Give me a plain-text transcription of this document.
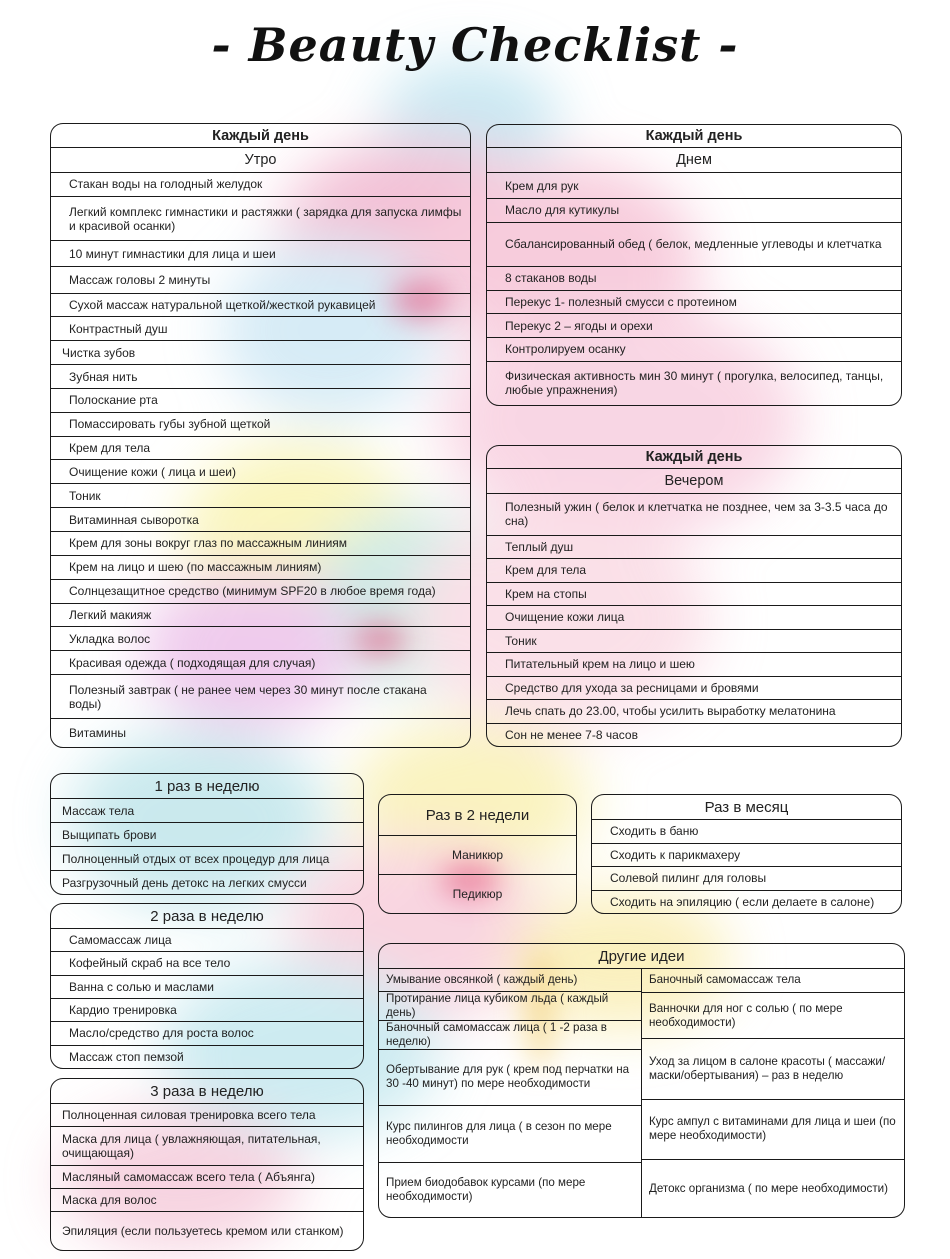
- Beauty Checklist -
Каждый день
Утро
Стакан воды на голодный желудок
Легкий комплекс гимнастики и растяжки ( зарядка для запуска лимфы и красивой осанки)
10 минут гимнастики для лица и шеи
Массаж головы 2 минуты
Сухой массаж натуральной щеткой/жесткой рукавицей
Контрастный душ
Чистка зубов
Зубная нить
Полоскание рта
Помассировать губы зубной щеткой
Крем для тела
Очищение кожи ( лица и шеи)
Тоник
Витаминная сыворотка
Крем для зоны вокруг глаз по массажным линиям
Крем на лицо и шею (по массажным линиям)
Солнцезащитное средство (минимум SPF20 в любое время года)
Легкий макияж
Укладка волос
Красивая одежда ( подходящая для случая)
Полезный завтрак ( не ранее чем через 30 минут после стакана воды)
Витамины
Каждый день
Днем
Крем для рук
Масло для кутикулы
Сбалансированный обед ( белок, медленные углеводы и клетчатка
8 стаканов воды
Перекус 1- полезный смусси с протеином
Перекус 2 – ягоды и орехи
Контролируем осанку
Физическая активность мин 30 минут ( прогулка, велосипед, танцы, любые упражнения)
Каждый день
Вечером
Полезный ужин ( белок и клетчатка не позднее, чем за 3-3.5 часа до сна)
Теплый душ
Крем для тела
Крем на стопы
Очищение кожи лица
Тоник
Питательный крем на лицо и шею
Средство для ухода за ресницами и бровями
Лечь спать до 23.00, чтобы усилить выработку мелатонина
Сон не менее 7-8 часов
1 раз в неделю
Массаж тела
Выщипать брови
Полноценный отдых от всех процедур для лица
Разгрузочный день детокс на легких смусси
2 раза в неделю
Самомассаж лица
Кофейный скраб на все тело
Ванна с солью и маслами
Кардио тренировка
Масло/средство для роста волос
Массаж стоп пемзой
3 раза в неделю
Полноценная силовая тренировка всего тела
Маска для лица ( увлажняющая, питательная, очищающая)
Масляный самомассаж всего тела ( Абъянга)
Маска для волос
Эпиляция (если пользуетесь кремом или станком)
Раз в 2 недели
Маникюр
Педикюр
Раз в месяц
Сходить в баню
Сходить к парикмахеру
Солевой пилинг для головы
Сходить на эпиляцию ( если делаете в салоне)
Другие идеи
Умывание овсянкой ( каждый день)
Протирание лица кубиком льда ( каждый день)
Баночный самомассаж лица ( 1 -2 раза в неделю)
Обертывание для рук ( крем под перчатки на 30 -40 минут) по мере необходимости
Курс пилингов для лица ( в сезон по мере необходимости
Прием биодобавок курсами (по мере необходимости)
Баночный самомассаж тела
Ванночки для ног с солью ( по мере необходимости)
Уход за лицом в салоне красоты ( массажи/маски/обертывания) – раз в неделю
Курс ампул с витаминами для лица и шеи (по мере необходимости)
Детокс организма ( по мере необходимости)
